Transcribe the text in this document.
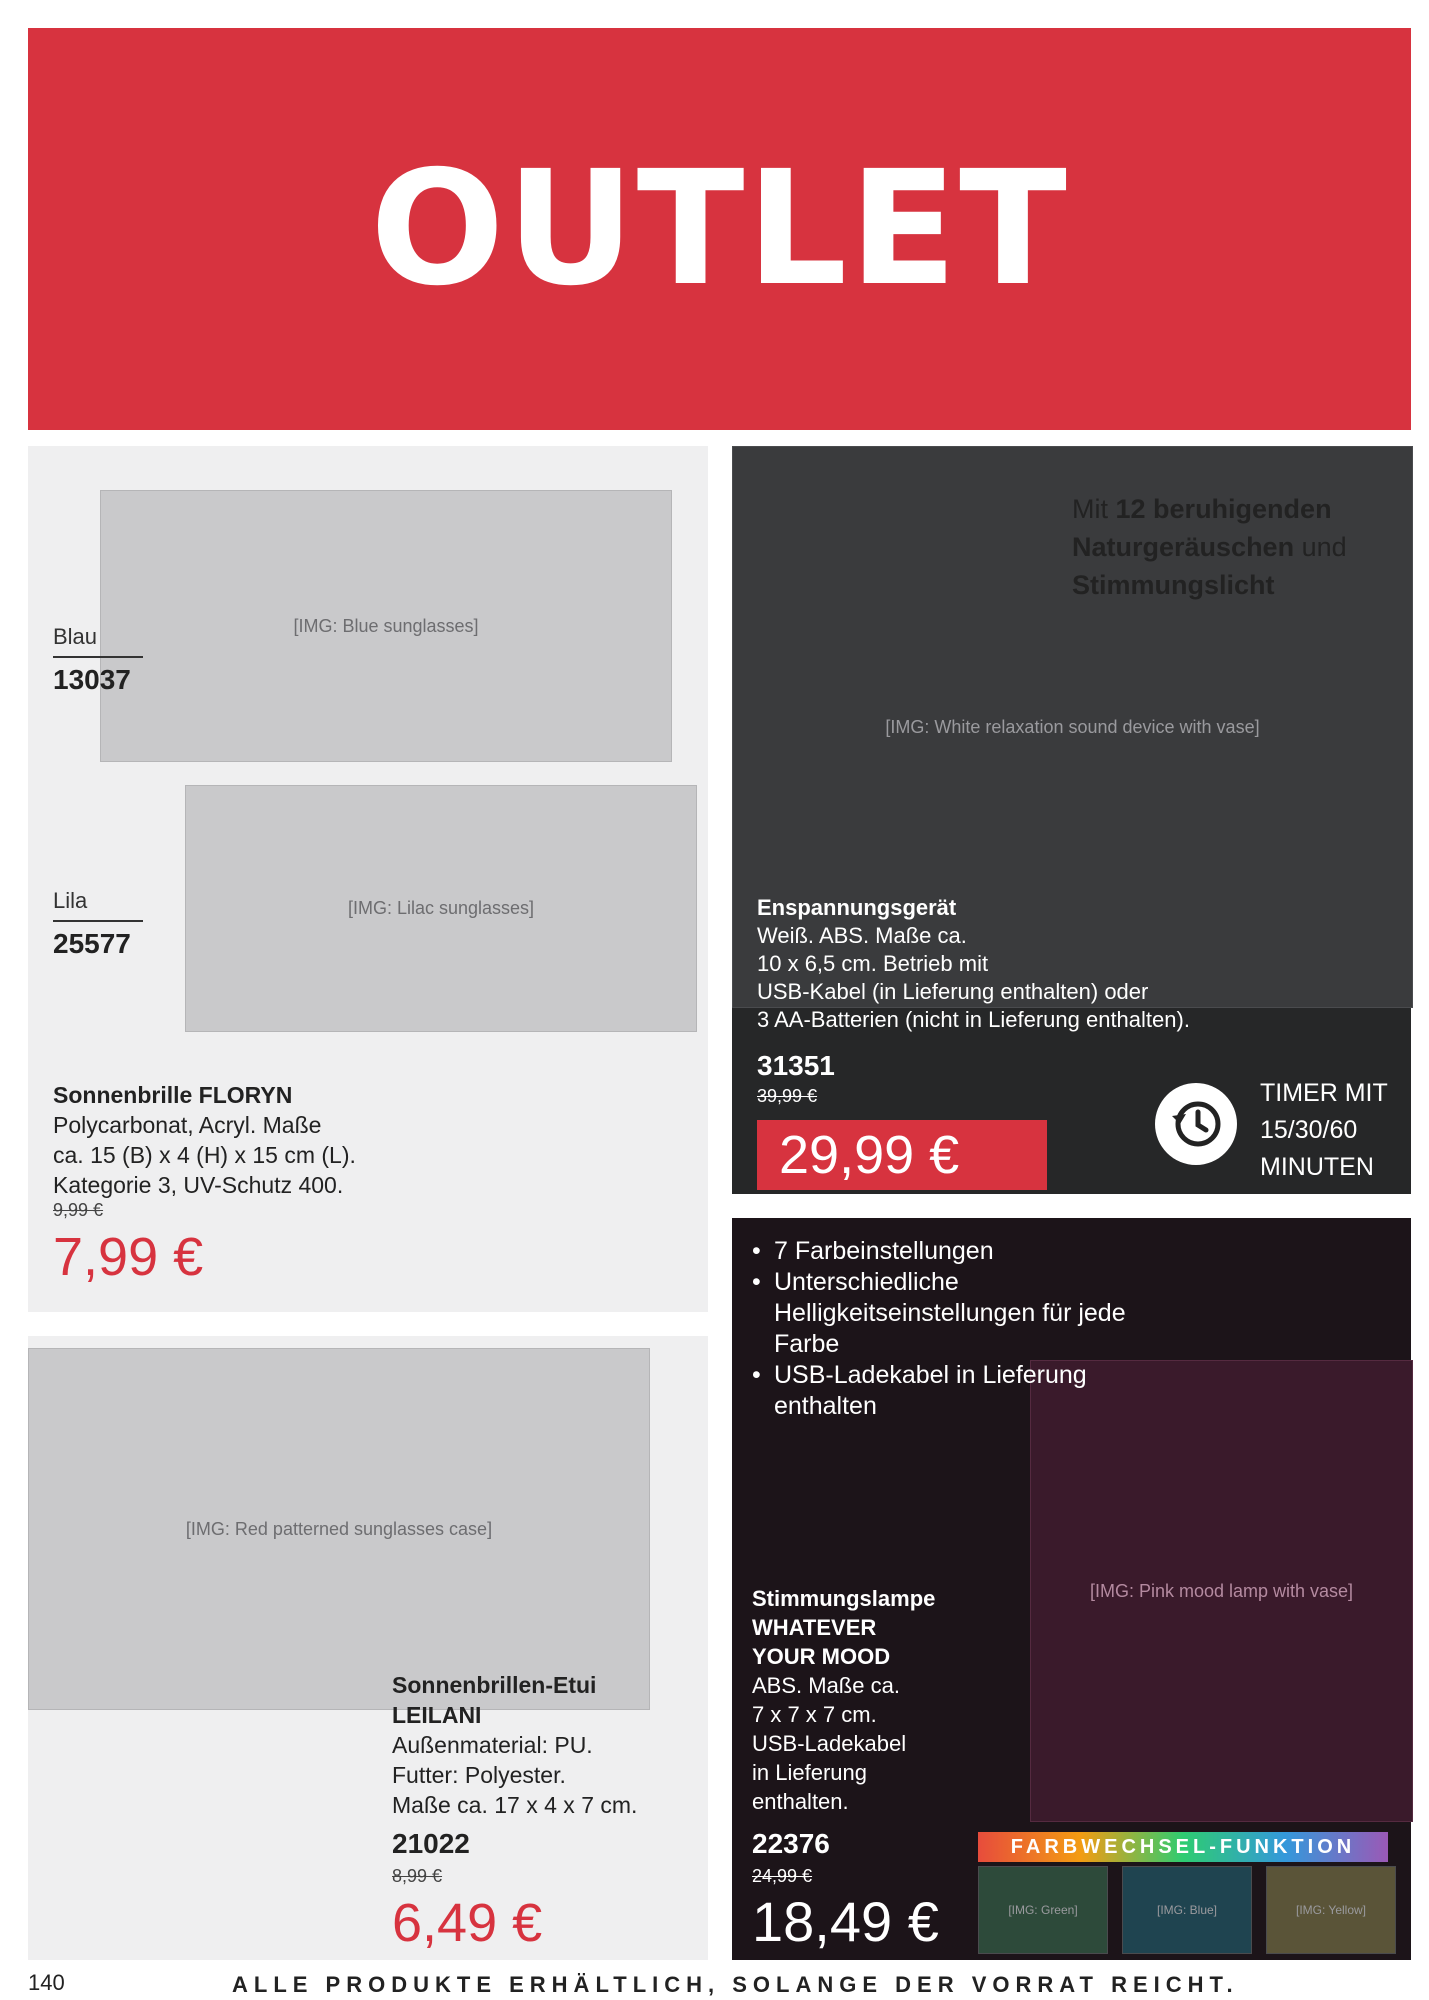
OUTLET
[IMG: Blue sunglasses]
[IMG: Lilac sunglasses]
Blau
13037
Lila
25577
Sonnenbrille FLORYN
Polycarbonat, Acryl. Maße
ca. 15 (B) x 4 (H) x 15 cm (L).
Kategorie 3, UV-Schutz 400.
9,99 €
7,99 €
[IMG: White relaxation sound device with vase]
Mit 12 beruhigenden Naturgeräuschen und Stimmungslicht
Enspannungsgerät
Weiß. ABS. Maße ca.
10 x 6,5 cm. Betrieb mit
USB-Kabel (in Lieferung enthalten) oder
3 AA-Batterien (nicht in Lieferung enthalten).
31351
39,99 €
29,99 €
TIMER MIT
15/30/60
MINUTEN
[IMG: Red patterned sunglasses case]
Sonnenbrillen-Etui
LEILANI
Außenmaterial: PU.
Futter: Polyester.
Maße ca. 17 x 4 x 7 cm.
21022
8,99 €
6,49 €
[IMG: Pink mood lamp with vase]
• 7 Farbeinstellungen
• Unterschiedliche Helligkeitseinstellungen für jede Farbe
• USB-Ladekabel in Lieferung enthalten
Stimmungslampe
WHATEVER
YOUR MOOD
ABS. Maße ca.
7 x 7 x 7 cm.
USB-Ladekabel
in Lieferung
enthalten.
22376
24,99 €
18,49 €
FARBWECHSEL-FUNKTION
[IMG: Green]	[IMG: Blue]	[IMG: Yellow]
140	ALLE PRODUKTE ERHÄLTLICH, SOLANGE DER VORRAT REICHT.
